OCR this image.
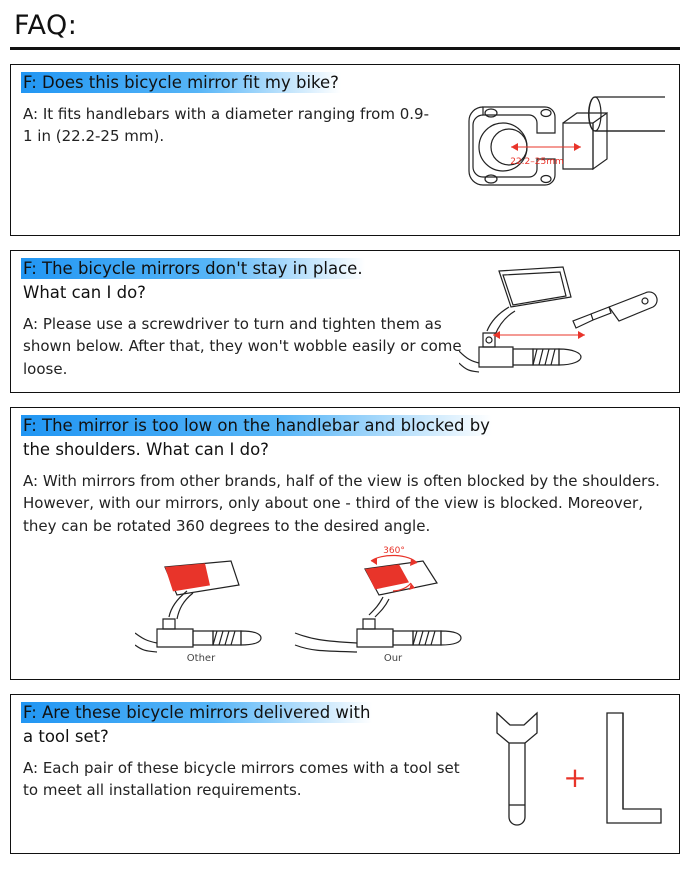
FAQ:
F: Does this bicycle mirror fit my bike?
A: It fits handlebars with a diameter ranging from 0.9-1 in (22.2-25 mm).
22.2–25mm
F: The bicycle mirrors don't stay in place.
What can I do?
A: Please use a screwdriver to turn and tighten them as shown below. After that, they won't wobble easily or come loose.
F: The mirror is too low on the handlebar and blocked by
the shoulders. What can I do?
A: With mirrors from other brands, half of the view is often blocked by the shoulders. However, with our mirrors, only about one - third of the view is blocked. Moreover, they can be rotated 360 degrees to the desired angle.
Other
360°
Our
F: Are these bicycle mirrors delivered with
a tool set?
A: Each pair of these bicycle mirrors comes with a tool set to meet all installation requirements.	+
